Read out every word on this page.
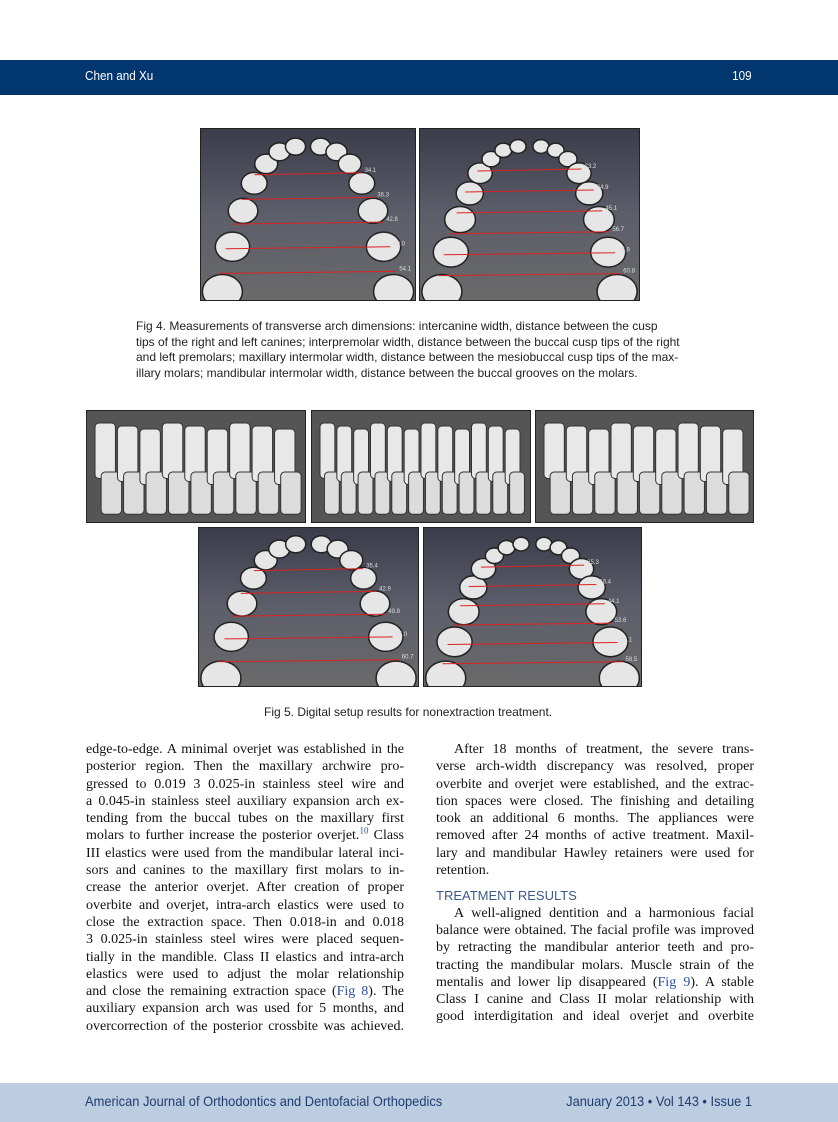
Chen and Xu	109
34.1
36.3
42.8
49.0
54.1
23.2
34.9
45.1
56.7
56.9
60.8
Fig 4. Measurements of transverse arch dimensions: intercanine width, distance between the cusp
tips of the right and left canines; interpremolar width, distance between the buccal cusp tips of the right
and left premolars; maxillary intermolar width, distance between the mesiobuccal cusp tips of the max-
illary molars; mandibular intermolar width, distance between the buccal grooves on the molars.
35.4
42.9
49.8
55.0
60.7
25.3
38.4
44.1
53.6
55.1
58.5
Fig 5. Digital setup results for nonextraction treatment.
edge-to-edge. A minimal overjet was established in the
posterior region. Then the maxillary archwire pro-
gressed to 0.019 3 0.025-in stainless steel wire and
a 0.045-in stainless steel auxiliary expansion arch ex-
tending from the buccal tubes on the maxillary first
molars to further increase the posterior overjet.$^{10}$ Class
III elastics were used from the mandibular lateral inci-
sors and canines to the maxillary first molars to in-
crease the anterior overjet. After creation of proper
overbite and overjet, intra-arch elastics were used to
close the extraction space. Then 0.018-in and 0.018
3 0.025-in stainless steel wires were placed sequen-
tially in the mandible. Class II elastics and intra-arch
elastics were used to adjust the molar relationship
and close the remaining extraction space (Fig 8). The
auxiliary expansion arch was used for 5 months, and
overcorrection of the posterior crossbite was achieved.
After 18 months of treatment, the severe trans-
verse arch-width discrepancy was resolved, proper
overbite and overjet were established, and the extrac-
tion spaces were closed. The finishing and detailing
took an additional 6 months. The appliances were
removed after 24 months of active treatment. Maxil-
lary and mandibular Hawley retainers were used for
retention.
TREATMENT RESULTS
A well-aligned dentition and a harmonious facial
balance were obtained. The facial profile was improved
by retracting the mandibular anterior teeth and pro-
tracting the mandibular molars. Muscle strain of the
mentalis and lower lip disappeared (Fig 9). A stable
Class I canine and Class II molar relationship with
good interdigitation and ideal overjet and overbite
American Journal of Orthodontics and Dentofacial Orthopedics	January 2013 • Vol 143 • Issue 1
